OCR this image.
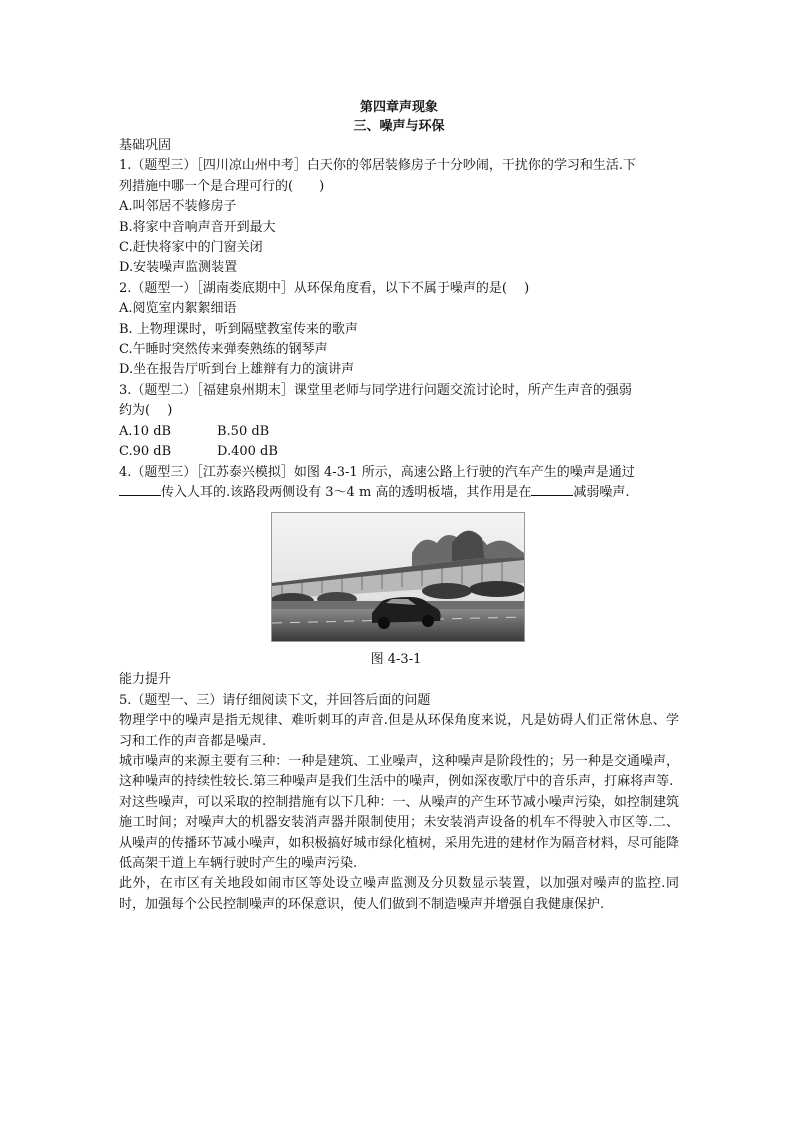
第四章声现象
三、噪声与环保
基础巩固
1.（题型三）［四川凉山州中考］白天你的邻居装修房子十分吵闹，干扰你的学习和生活.下
列措施中哪一个是合理可行的(　　)
A.叫邻居不装修房子
B.将家中音响声音开到最大
C.赶快将家中的门窗关闭
D.安装噪声监测装置
2.（题型一）［湖南娄底期中］从环保角度看，以下不属于噪声的是(　 )
A.阅览室内絮絮细语
B. 上物理课时，听到隔壁教室传来的歌声
C.午睡时突然传来弹奏熟练的钢琴声
D.坐在报告厅听到台上雄辩有力的演讲声
3.（题型二）［福建泉州期末］课堂里老师与同学进行问题交流讨论时，所产生声音的强弱
约为(　 )
A.10 dB	B.50 dB
C.90 dB	D.400 dB
4.（题型三）［江苏泰兴模拟］如图 4-3-1 所示，高速公路上行驶的汽车产生的噪声是通过
传入人耳的.该路段两侧设有 3～4 m 高的透明板墙，其作用是在	减弱噪声.
图 4-3-1
能力提升
5.（题型一、三）请仔细阅读下文，并回答后面的问题
物理学中的噪声是指无规律、难听刺耳的声音.但是从环保角度来说，凡是妨碍人们正常休息、学习和工作的声音都是噪声.
城市噪声的来源主要有三种：一种是建筑、工业噪声，这种噪声是阶段性的；另一种是交通噪声，这种噪声的持续性较长.第三种噪声是我们生活中的噪声，例如深夜歌厅中的音乐声，打麻将声等.
对这些噪声，可以采取的控制措施有以下几种：一、从噪声的产生环节减小噪声污染，如控制建筑施工时间；对噪声大的机器安装消声器并限制使用；未安装消声设备的机车不得驶入市区等.二、从噪声的传播环节减小噪声，如积极搞好城市绿化植树，采用先进的建材作为隔音材料，尽可能降低高架干道上车辆行驶时产生的噪声污染.
此外，在市区有关地段如闹市区等处设立噪声监测及分贝数显示装置，以加强对噪声的监控.同时，加强每个公民控制噪声的环保意识，使人们做到不制造噪声并增强自我健康保护.
